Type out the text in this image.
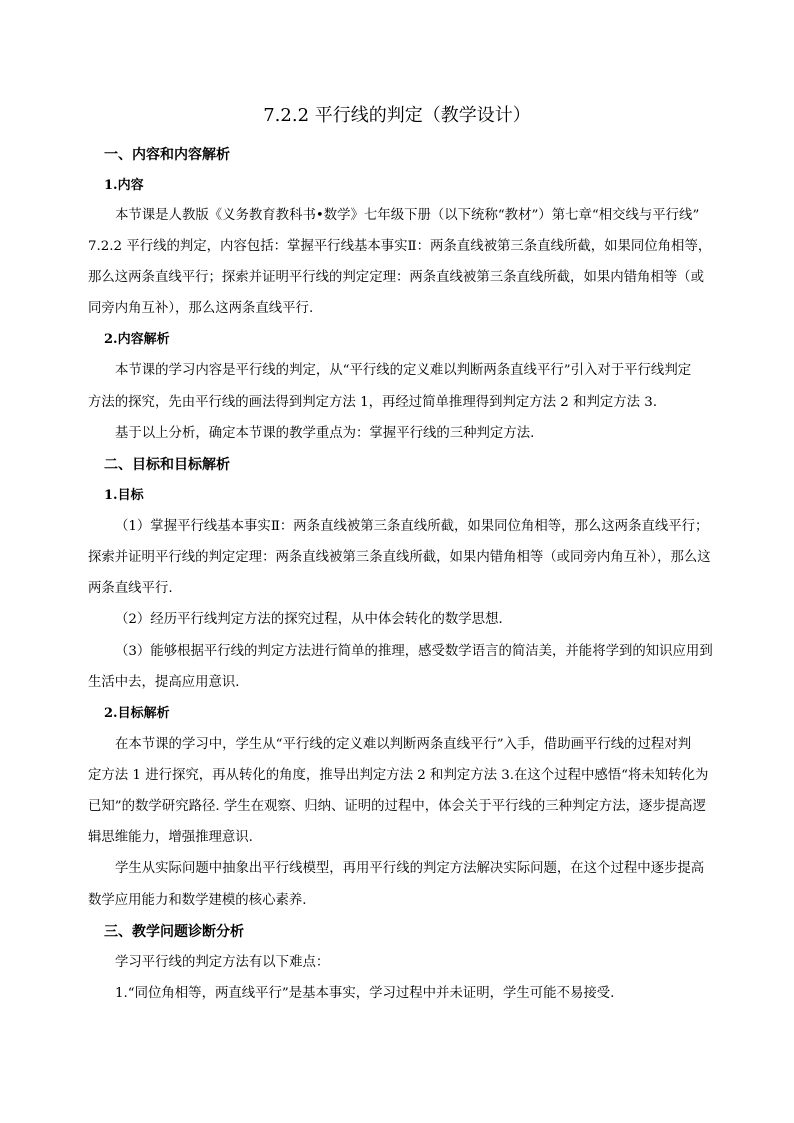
7.2.2 平行线的判定（教学设计）
一、内容和内容解析
1.内容
本节课是人教版《义务教育教科书•数学》七年级下册（以下统称“教材”）第七章“相交线与平行线”
7.2.2 平行线的判定，内容包括：掌握平行线基本事实Ⅱ：两条直线被第三条直线所截，如果同位角相等，
那么这两条直线平行；探索并证明平行线的判定定理：两条直线被第三条直线所截，如果内错角相等（或
同旁内角互补），那么这两条直线平行.
2.内容解析
本节课的学习内容是平行线的判定，从“平行线的定义难以判断两条直线平行”引入对于平行线判定
方法的探究，先由平行线的画法得到判定方法 1，再经过简单推理得到判定方法 2 和判定方法 3．
基于以上分析，确定本节课的教学重点为：掌握平行线的三种判定方法.
二、目标和目标解析
1.目标
（1）掌握平行线基本事实Ⅱ：两条直线被第三条直线所截，如果同位角相等，那么这两条直线平行；
探索并证明平行线的判定定理：两条直线被第三条直线所截，如果内错角相等（或同旁内角互补），那么这
两条直线平行.
（2）经历平行线判定方法的探究过程，从中体会转化的数学思想．
（3）能够根据平行线的判定方法进行简单的推理，感受数学语言的简洁美，并能将学到的知识应用到
生活中去，提高应用意识．
2.目标解析
在本节课的学习中，学生从“平行线的定义难以判断两条直线平行”入手，借助画平行线的过程对判
定方法 1 进行探究，再从转化的角度，推导出判定方法 2 和判定方法 3.在这个过程中感悟“将未知转化为
已知”的数学研究路径. 学生在观察、归纳、证明的过程中，体会关于平行线的三种判定方法，逐步提高逻
辑思维能力，增强推理意识.
学生从实际问题中抽象出平行线模型，再用平行线的判定方法解决实际问题，在这个过程中逐步提高
数学应用能力和数学建模的核心素养.
三、教学问题诊断分析
学习平行线的判定方法有以下难点：
1.“同位角相等，两直线平行”是基本事实，学习过程中并未证明，学生可能不易接受.
